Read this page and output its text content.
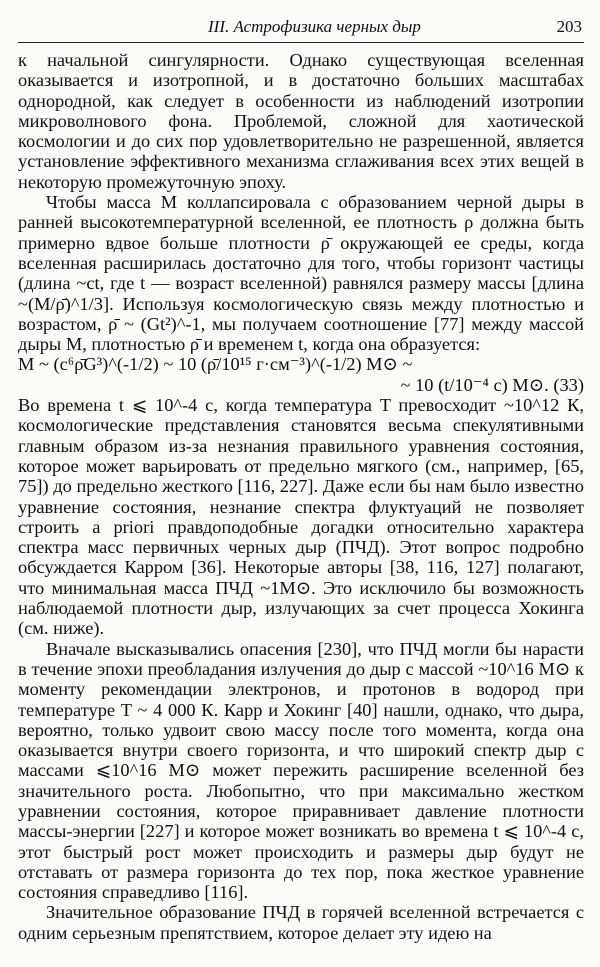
III. Астрофизика черных дыр	203

к начальной сингулярности. Однако существующая вселенная оказывается и изотропной, и в достаточно больших масштабах однородной, как следует в особенности из наблюдений изотропии микроволнового фона. Проблемой, сложной для хаотической космологии и до сих пор удовлетворительно не разрешенной, является установление эффективного механизма сглаживания всех этих вещей в некоторую промежуточную эпоху.

Чтобы масса M коллапсировала с образованием черной дыры в ранней высокотемпературной вселенной, ее плотность ρ должна быть примерно вдвое больше плотности ρ̄ окружающей ее среды, когда вселенная расширилась достаточно для того, чтобы горизонт частицы (длина ~ct, где t — возраст вселенной) равнялся размеру массы [длина ~(M/ρ̄)^1/3]. Используя космологическую связь между плотностью и возрастом, ρ̄ ~ (Gt²)^-1, мы получаем соотношение [77] между массой дыры M, плотностью ρ̄ и временем t, когда она образуется:

M ~ (c⁶ρ̄G³)^(-1/2) ~ 10 (ρ̄/10¹⁵ г·см⁻³)^(-1/2) M⊙ ~
~ 10 (t/10⁻⁴ с) M⊙. (33)

Во времена t ⩽ 10^-4 с, когда температура T превосходит ~10^12 К, космологические представления становятся весьма спекулятивными главным образом из-за незнания правильного уравнения состояния, которое может варьировать от предельно мягкого (см., например, [65, 75]) до предельно жесткого [116, 227]. Даже если бы нам было известно уравнение состояния, незнание спектра флуктуаций не позволяет строить a priori правдоподобные догадки относительно характера спектра масс первичных черных дыр (ПЧД). Этот вопрос подробно обсуждается Карром [36]. Некоторые авторы [38, 116, 127] полагают, что минимальная масса ПЧД ~1M⊙. Это исключило бы возможность наблюдаемой плотности дыр, излучающих за счет процесса Хокинга (см. ниже).

Вначале высказывались опасения [230], что ПЧД могли бы нарасти в течение эпохи преобладания излучения до дыр с массой ~10^16 M⊙ к моменту рекомендации электронов, и протонов в водород при температуре T ~ 4 000 К. Карр и Хокинг [40] нашли, однако, что дыра, вероятно, только удвоит свою массу после того момента, когда она оказывается внутри своего горизонта, и что широкий спектр дыр с массами ⩽10^16 M⊙ может пережить расширение вселенной без значительного роста. Любопытно, что при максимально жестком уравнении состояния, которое приравнивает давление плотности массы-энергии [227] и которое может возникать во времена t ⩽ 10^-4 с, этот быстрый рост может происходить и размеры дыр будут не отставать от размера горизонта до тех пор, пока жесткое уравнение состояния справедливо [116].

Значительное образование ПЧД в горячей вселенной встречается с одним серьезным препятствием, которое делает эту идею на
